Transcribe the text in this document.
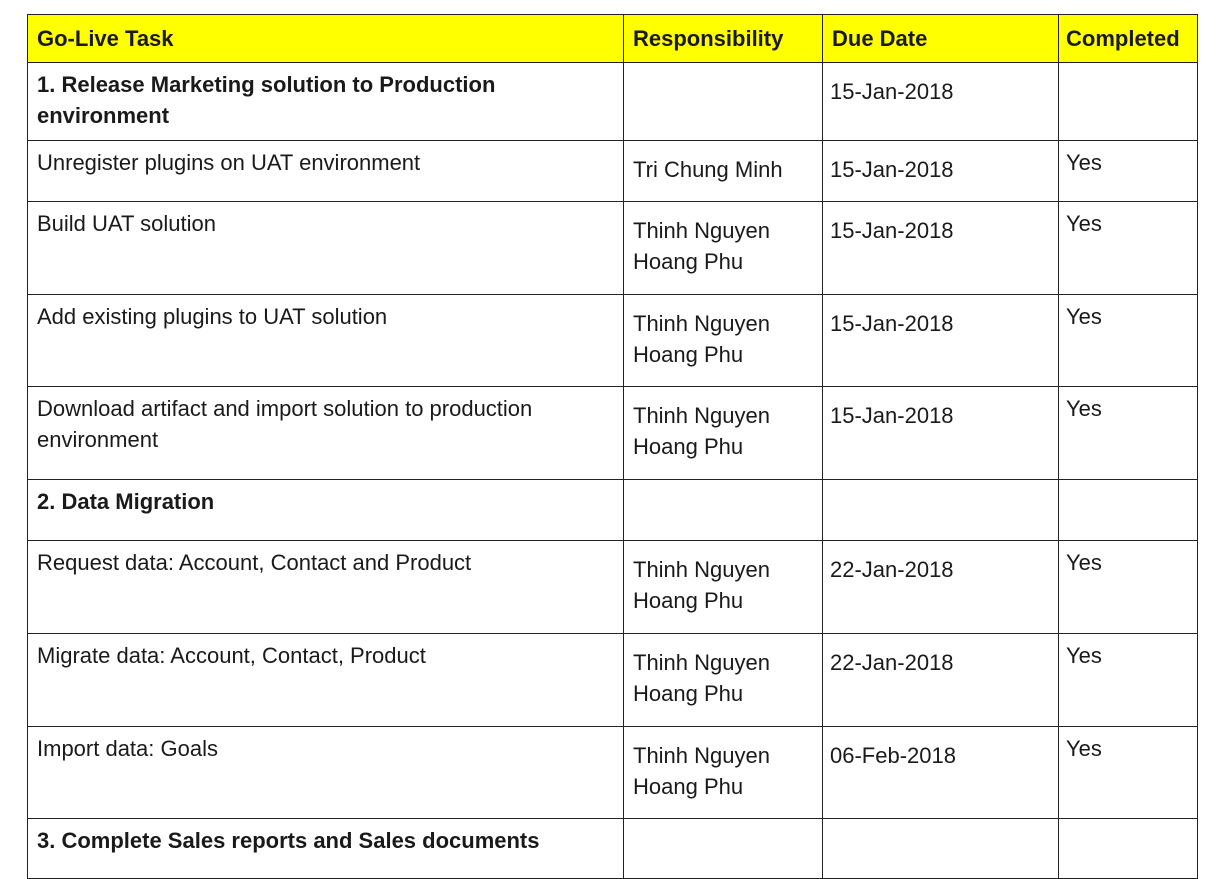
Go-Live Task	Responsibility	Due Date	Completed

1. Release Marketing solution to Production
environment		15-Jan-2018	

Unregister plugins on UAT environment	Tri Chung Minh	15-Jan-2018	Yes

Build UAT solution	Thinh Nguyen
Hoang Phu	15-Jan-2018	Yes

Add existing plugins to UAT solution	Thinh Nguyen
Hoang Phu	15-Jan-2018	Yes

Download artifact and import solution to production
environment	Thinh Nguyen
Hoang Phu	15-Jan-2018	Yes

2. Data Migration			

Request data: Account, Contact and Product	Thinh Nguyen
Hoang Phu	22-Jan-2018	Yes

Migrate data: Account, Contact, Product	Thinh Nguyen
Hoang Phu	22-Jan-2018	Yes

Import data: Goals	Thinh Nguyen
Hoang Phu	06-Feb-2018	Yes

3. Complete Sales reports and Sales documents			
